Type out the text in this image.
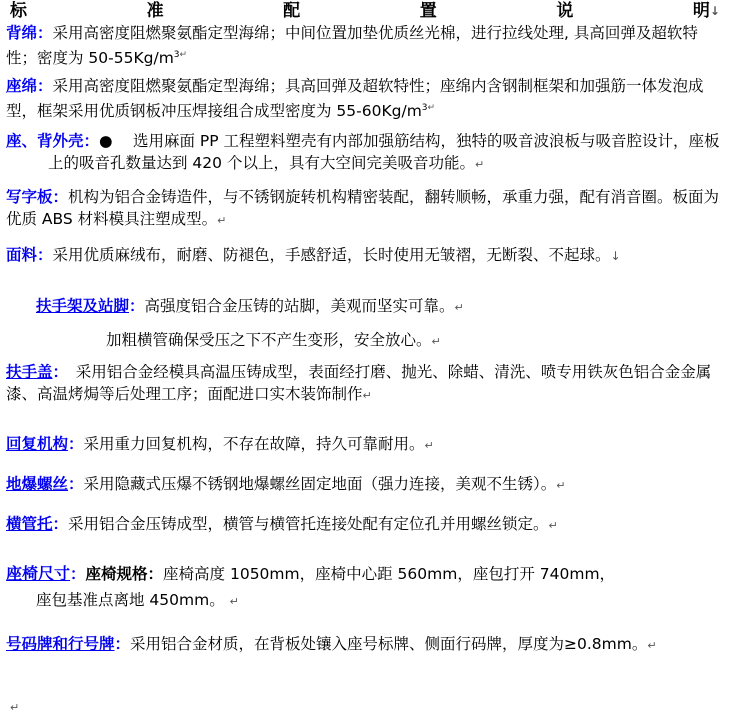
标	准	配	置	说	明 ↓

背绵：采用高密度阻燃聚氨酯定型海绵；中间位置加垫优质丝光棉，进行拉线处理, 具高回弹及超软特性；密度为 $50-55Kg/m^{3↵}$

座绵：采用高密度阻燃聚氨酯定型海绵；具高回弹及超软特性；座绵内含钢制框架和加强筋一体发泡成型，框架采用优质钢板冲压焊接组合成型密度为 $55-60Kg/m^{3↵}$

座、背外壳：●　 选用麻面 PP 工程塑料塑壳有内部加强筋结构，独特的吸音波浪板与吸音腔设计，座板上的吸音孔数量达到 420 个以上，具有大空间完美吸音功能。↵

写字板：机构为铝合金铸造件，与不锈钢旋转机构精密装配，翻转顺畅，承重力强，配有消音圈。板面为优质 ABS 材料模具注塑成型。↵

面料：采用优质麻绒布，耐磨、防褪色，手感舒适，长时使用无皱褶，无断裂、不起球。↓

扶手架及站脚：高强度铝合金压铸的站脚，美观而坚实可靠。↵

加粗横管确保受压之下不产生变形，安全放心。↵

扶手盖：　采用铝合金经模具高温压铸成型，表面经打磨、抛光、除蜡、清洗、喷专用铁灰色铝合金金属漆、高温烤焗等后处理工序；面配进口实木装饰制作↵

回复机构：采用重力回复机构，不存在故障，持久可靠耐用。↵

地爆螺丝：采用隐藏式压爆不锈钢地爆螺丝固定地面（强力连接，美观不生锈）。↵

横管托：采用铝合金压铸成型，横管与横管托连接处配有定位孔并用螺丝锁定。↵

座椅尺寸：座椅规格：座椅高度 1050mm，座椅中心距 560mm，座包打开 740mm，

座包基准点离地 450mm。 ↵

号码牌和行号牌：采用铝合金材质，在背板处镶入座号标牌、侧面行码牌，厚度为≥0.8mm。↵

↵
